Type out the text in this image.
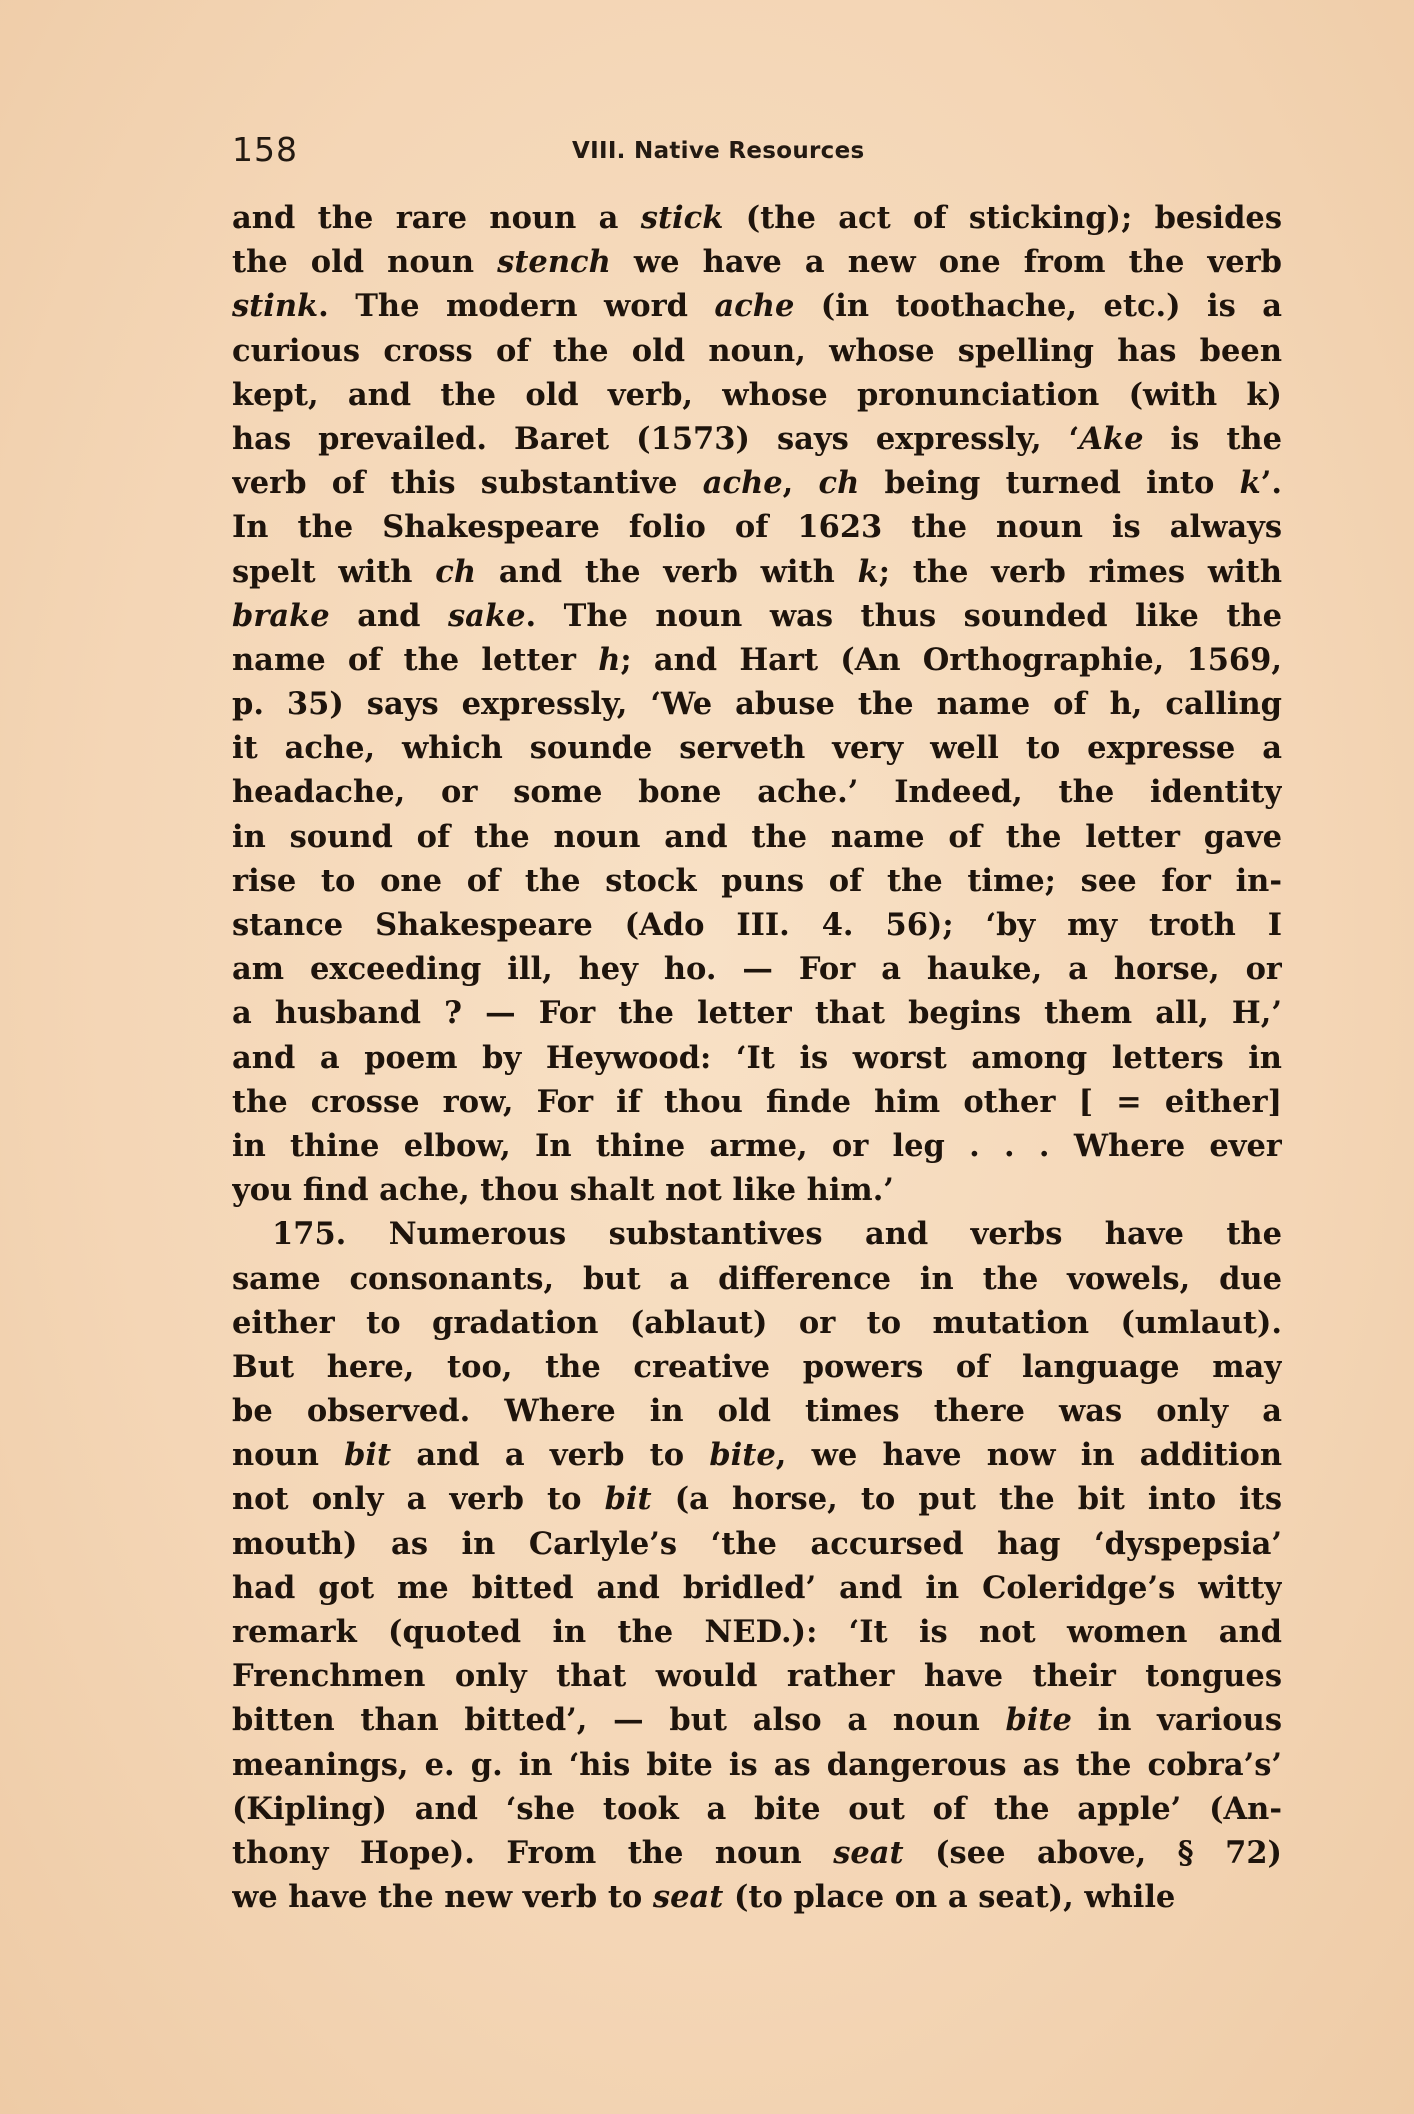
158	VIII. Native Resources
and the rare noun a stick (the act of sticking); besides
the old noun stench we have a new one from the verb
stink. The modern word ache (in toothache, etc.) is a
curious cross of the old noun, whose spelling has been
kept, and the old verb, whose pronunciation (with k)
has prevailed. Baret (1573) says expressly, ‘Ake is the
verb of this substantive ache, ch being turned into k’.
In the Shakespeare folio of 1623 the noun is always
spelt with ch and the verb with k; the verb rimes with
brake and sake. The noun was thus sounded like the
name of the letter h; and Hart (An Orthographie, 1569,
p. 35) says expressly, ‘We abuse the name of h, calling
it ache, which sounde serveth very well to expresse a
headache, or some bone ache.’ Indeed, the identity
in sound of the noun and the name of the letter gave
rise to one of the stock puns of the time; see for in-
stance Shakespeare (Ado III. 4. 56); ‘by my troth I
am exceeding ill, hey ho. — For a hauke, a horse, or
a husband ? — For the letter that begins them all, H,’
and a poem by Heywood: ‘It is worst among letters in
the crosse row, For if thou finde him other [ = either]
in thine elbow, In thine arme, or leg . . . Where ever
you find ache, thou shalt not like him.’
175. Numerous substantives and verbs have the
same consonants, but a difference in the vowels, due
either to gradation (ablaut) or to mutation (umlaut).
But here, too, the creative powers of language may
be observed. Where in old times there was only a
noun bit and a verb to bite, we have now in addition
not only a verb to bit (a horse, to put the bit into its
mouth) as in Carlyle’s ‘the accursed hag ‘dyspepsia’
had got me bitted and bridled’ and in Coleridge’s witty
remark (quoted in the NED.): ‘It is not women and
Frenchmen only that would rather have their tongues
bitten than bitted’, — but also a noun bite in various
meanings, e. g. in ‘his bite is as dangerous as the cobra’s’
(Kipling) and ‘she took a bite out of the apple’ (An-
thony Hope). From the noun seat (see above, § 72)
we have the new verb to seat (to place on a seat), while
